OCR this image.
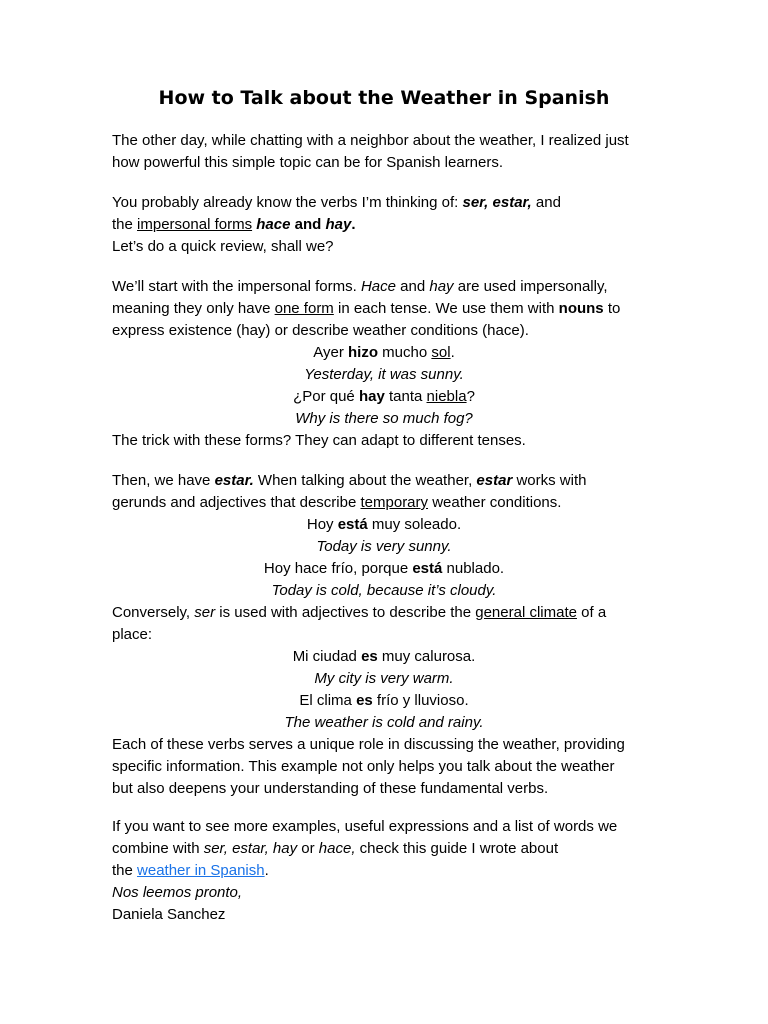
How to Talk about the Weather in Spanish
The other day, while chatting with a neighbor about the weather, I realized just
how powerful this simple topic can be for Spanish learners.
You probably already know the verbs I’m thinking of: ser, estar, and
the impersonal forms hace and hay.
Let’s do a quick review, shall we?
We’ll start with the impersonal forms. Hace and hay are used impersonally,
meaning they only have one form in each tense. We use them with nouns to
express existence (hay) or describe weather conditions (hace).
Ayer hizo mucho sol.
Yesterday, it was sunny.
¿Por qué hay tanta niebla?
Why is there so much fog?
The trick with these forms? They can adapt to different tenses.
Then, we have estar. When talking about the weather, estar works with
gerunds and adjectives that describe temporary weather conditions.
Hoy está muy soleado.
Today is very sunny.
Hoy hace frío, porque está nublado.
Today is cold, because it’s cloudy.
Conversely, ser is used with adjectives to describe the general climate of a
place:
Mi ciudad es muy calurosa.
My city is very warm.
El clima es frío y lluvioso.
The weather is cold and rainy.
Each of these verbs serves a unique role in discussing the weather, providing
specific information. This example not only helps you talk about the weather
but also deepens your understanding of these fundamental verbs.
If you want to see more examples, useful expressions and a list of words we
combine with ser, estar, hay or hace, check this guide I wrote about
the weather in Spanish.
Nos leemos pronto,
Daniela Sanchez
